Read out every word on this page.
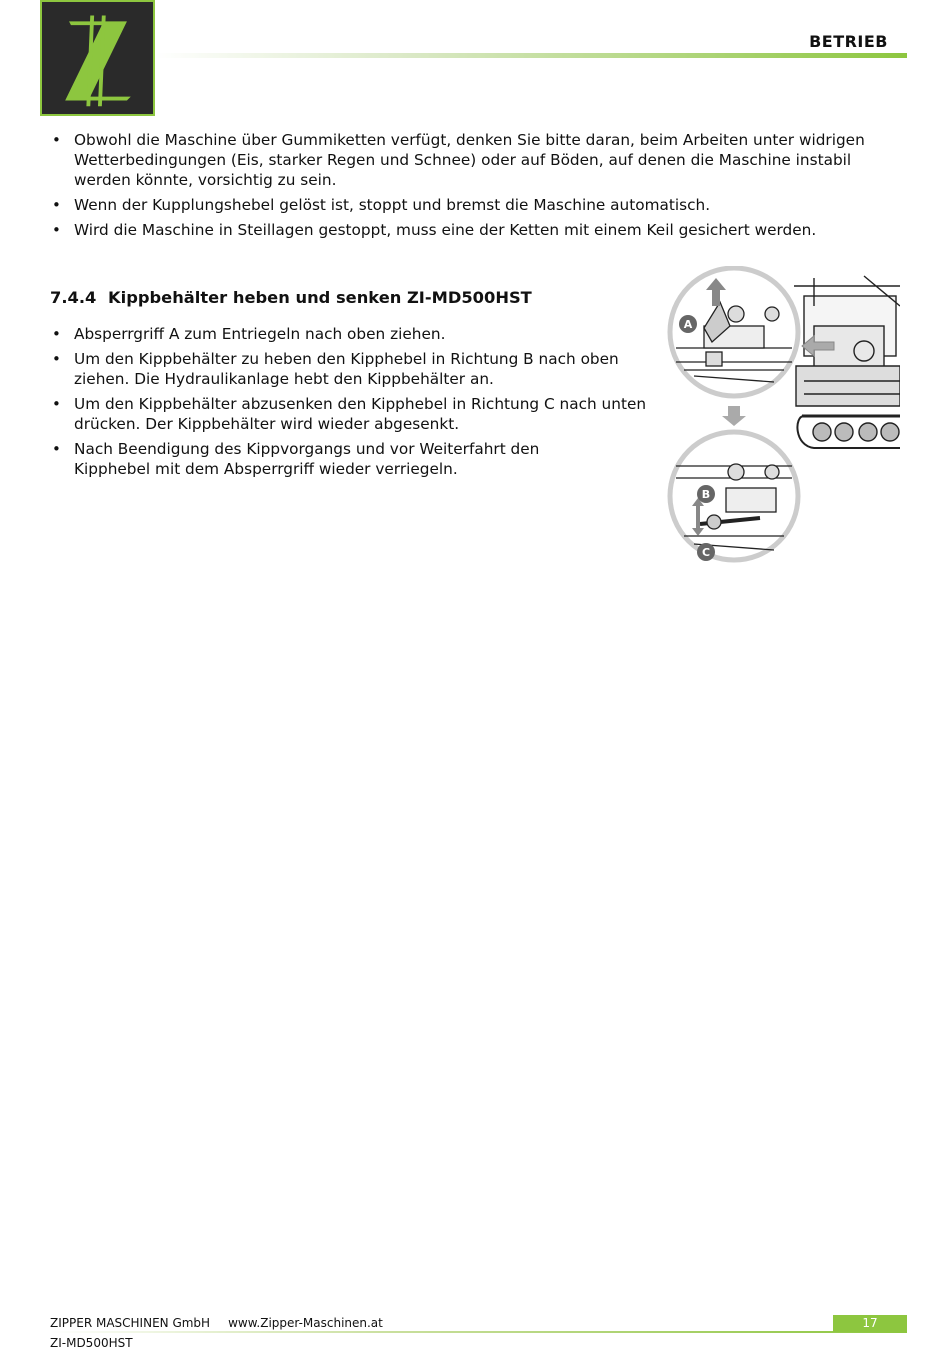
BETRIEB
• Obwohl die Maschine über Gummiketten verfügt, denken Sie bitte daran, beim Arbeiten unter widrigen Wetterbedingungen (Eis, starker Regen und Schnee) oder auf Böden, auf denen die Maschine instabil werden könnte, vorsichtig zu sein.
• Wenn der Kupplungshebel gelöst ist, stoppt und bremst die Maschine automatisch.
• Wird die Maschine in Steillagen gestoppt, muss eine der Ketten mit einem Keil gesichert werden.
7.4.4 Kippbehälter heben und senken ZI-MD500HST
• Absperrgriff A zum Entriegeln nach oben ziehen.
• Um den Kippbehälter zu heben den Kipphebel in Richtung B nach oben ziehen. Die Hydraulikanlage hebt den Kippbehälter an.
• Um den Kippbehälter abzusenken den Kipphebel in Richtung C nach unten drücken. Der Kippbehälter wird wieder abgesenkt.
• Nach Beendigung des Kippvorgangs und vor Weiterfahrt den Kipphebel mit dem Absperrgriff wieder verriegeln.
A
B
C
ZIPPER MASCHINEN GmbH www.Zipper-Maschinen.at	17
ZI-MD500HST
